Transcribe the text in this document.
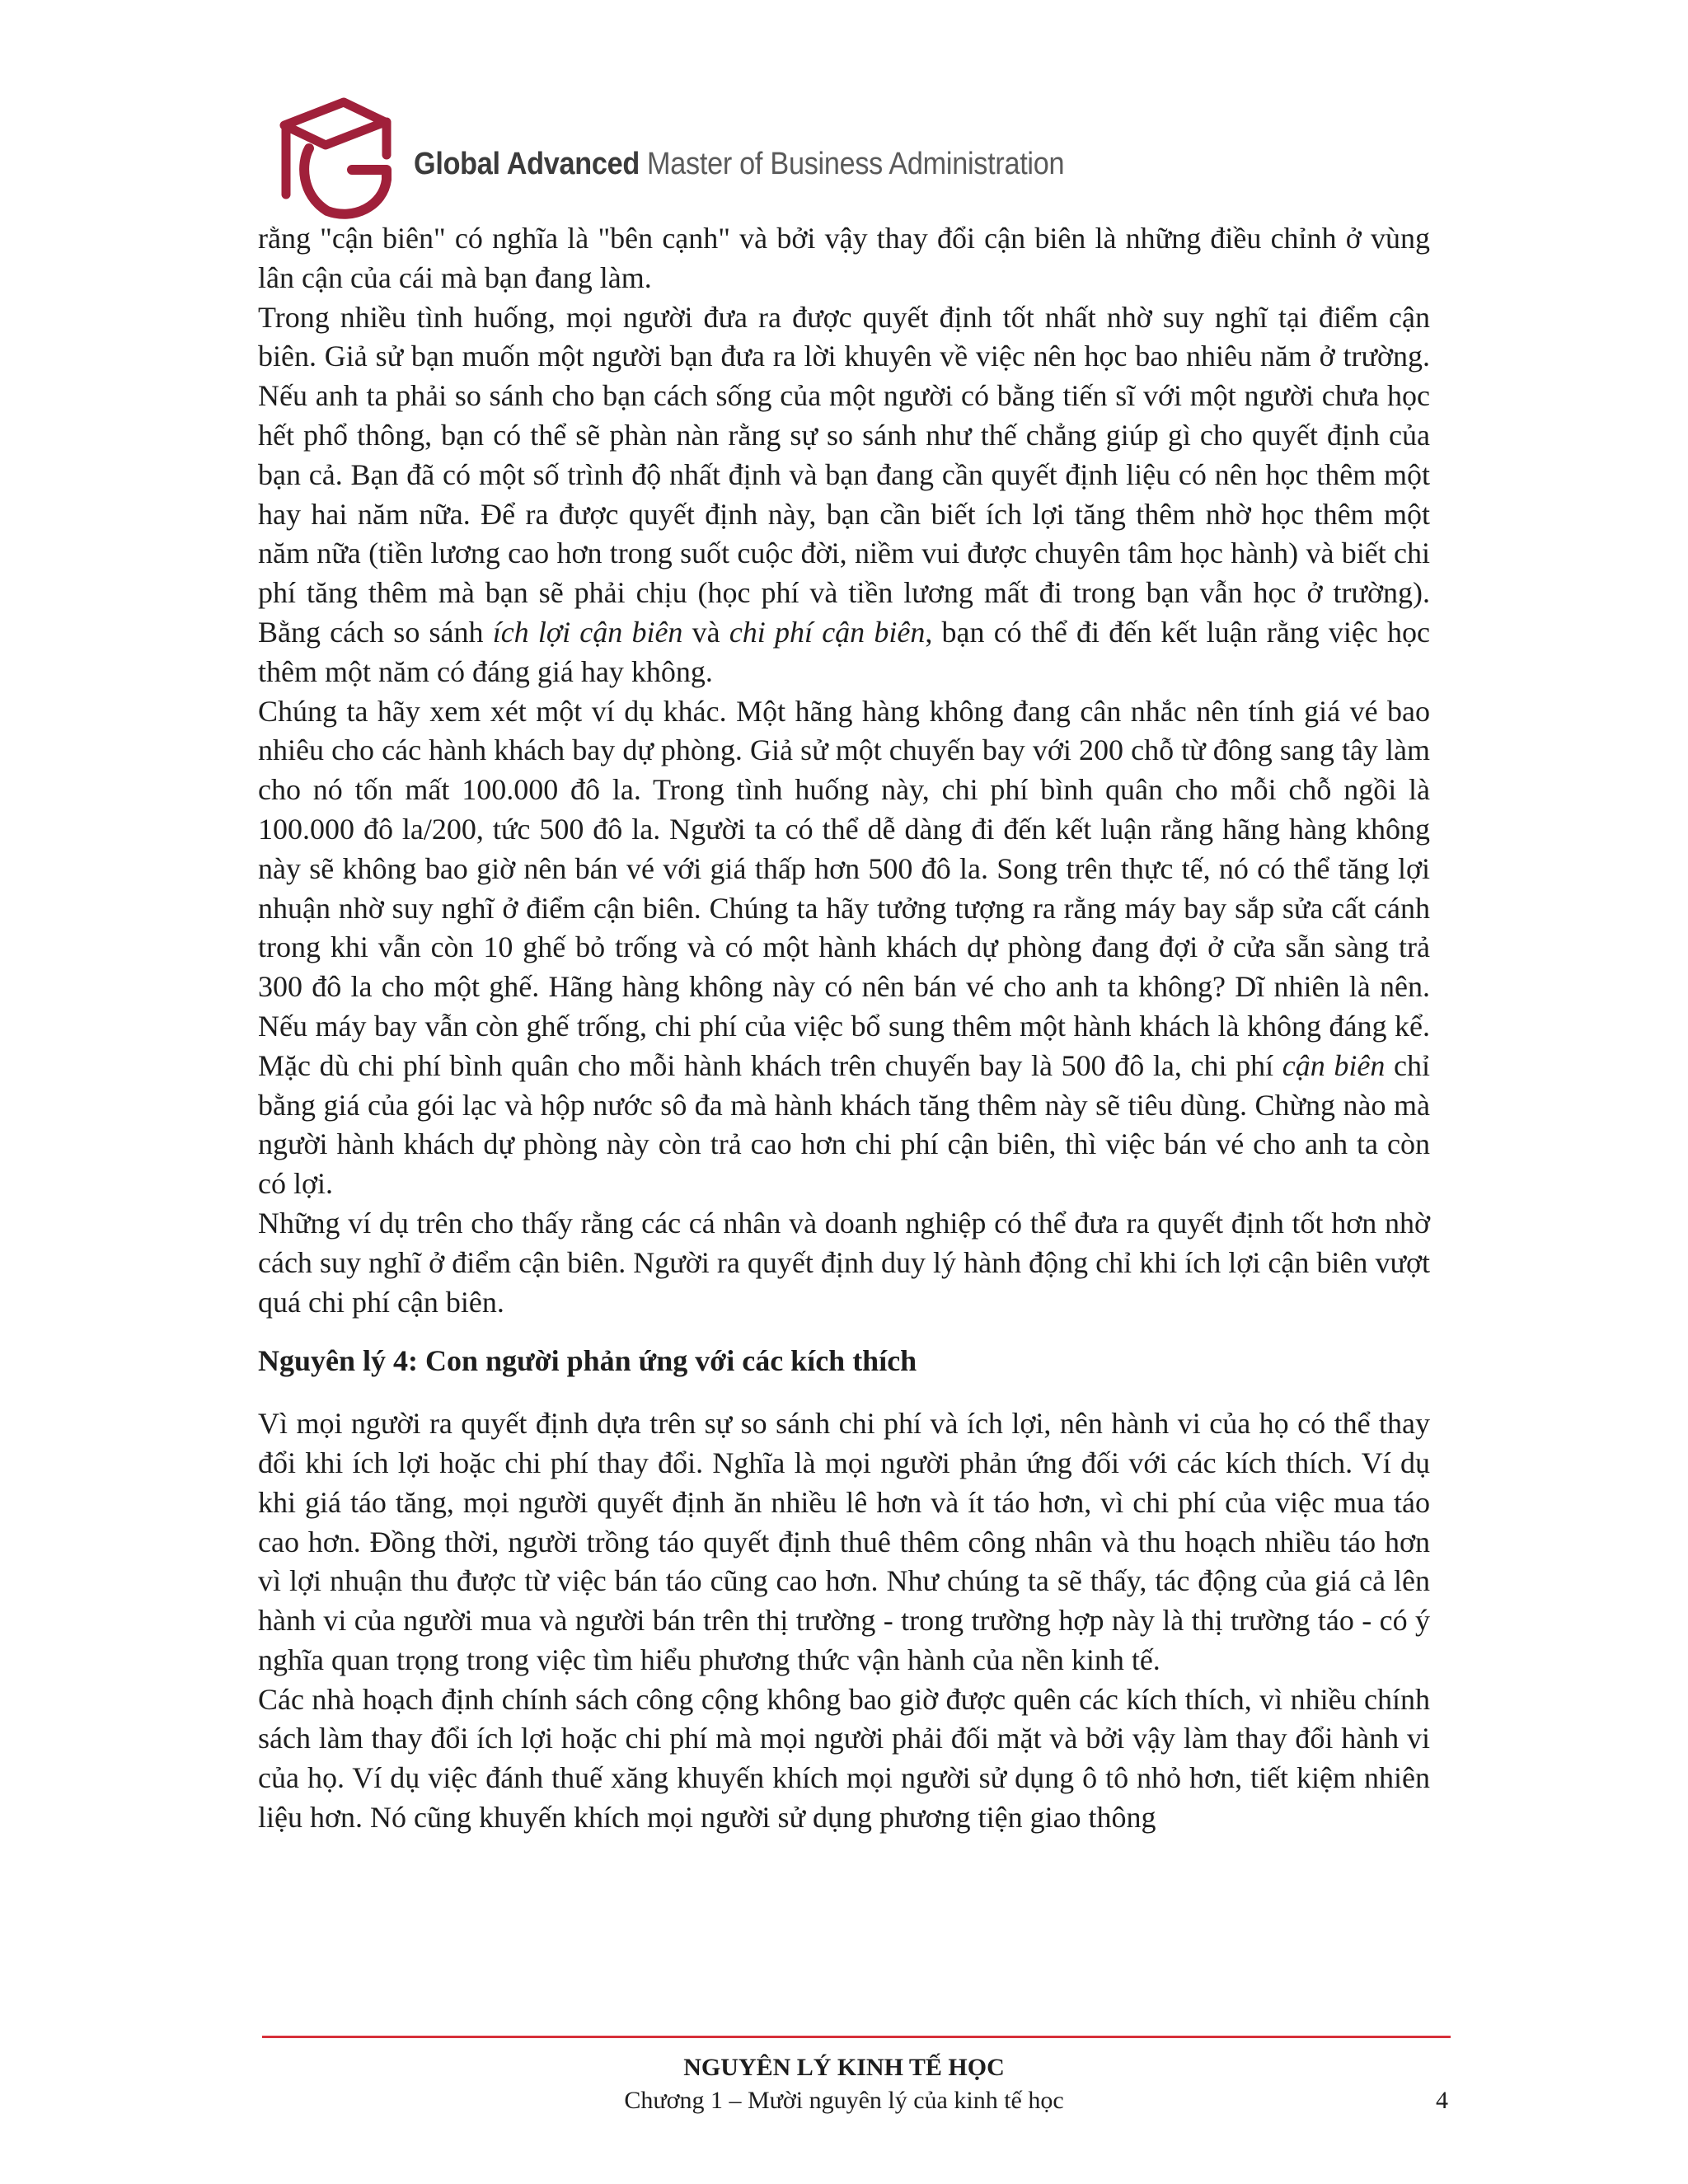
Global Advanced Master of Business Administration

rằng "cận biên" có nghĩa là "bên cạnh" và bởi vậy thay đổi cận biên là những điều chỉnh ở vùng lân cận của cái mà bạn đang làm.

Trong nhiều tình huống, mọi người đưa ra được quyết định tốt nhất nhờ suy nghĩ tại điểm cận biên. Giả sử bạn muốn một người bạn đưa ra lời khuyên về việc nên học bao nhiêu năm ở trường. Nếu anh ta phải so sánh cho bạn cách sống của một người có bằng tiến sĩ với một người chưa học hết phổ thông, bạn có thể sẽ phàn nàn rằng sự so sánh như thế chẳng giúp gì cho quyết định của bạn cả. Bạn đã có một số trình độ nhất định và bạn đang cần quyết định liệu có nên học thêm một hay hai năm nữa. Để ra được quyết định này, bạn cần biết ích lợi tăng thêm nhờ học thêm một năm nữa (tiền lương cao hơn trong suốt cuộc đời, niềm vui được chuyên tâm học hành) và biết chi phí tăng thêm mà bạn sẽ phải chịu (học phí và tiền lương mất đi trong bạn vẫn học ở trường). Bằng cách so sánh ích lợi cận biên và chi phí cận biên, bạn có thể đi đến kết luận rằng việc học thêm một năm có đáng giá hay không.

Chúng ta hãy xem xét một ví dụ khác. Một hãng hàng không đang cân nhắc nên tính giá vé bao nhiêu cho các hành khách bay dự phòng. Giả sử một chuyến bay với 200 chỗ từ đông sang tây làm cho nó tốn mất 100.000 đô la. Trong tình huống này, chi phí bình quân cho mỗi chỗ ngồi là 100.000 đô la/200, tức 500 đô la. Người ta có thể dễ dàng đi đến kết luận rằng hãng hàng không này sẽ không bao giờ nên bán vé với giá thấp hơn 500 đô la. Song trên thực tế, nó có thể tăng lợi nhuận nhờ suy nghĩ ở điểm cận biên. Chúng ta hãy tưởng tượng ra rằng máy bay sắp sửa cất cánh trong khi vẫn còn 10 ghế bỏ trống và có một hành khách dự phòng đang đợi ở cửa sẵn sàng trả 300 đô la cho một ghế. Hãng hàng không này có nên bán vé cho anh ta không? Dĩ nhiên là nên. Nếu máy bay vẫn còn ghế trống, chi phí của việc bổ sung thêm một hành khách là không đáng kể. Mặc dù chi phí bình quân cho mỗi hành khách trên chuyến bay là 500 đô la, chi phí cận biên chỉ bằng giá của gói lạc và hộp nước sô đa mà hành khách tăng thêm này sẽ tiêu dùng. Chừng nào mà người hành khách dự phòng này còn trả cao hơn chi phí cận biên, thì việc bán vé cho anh ta còn có lợi.

Những ví dụ trên cho thấy rằng các cá nhân và doanh nghiệp có thể đưa ra quyết định tốt hơn nhờ cách suy nghĩ ở điểm cận biên. Người ra quyết định duy lý hành động chỉ khi ích lợi cận biên vượt quá chi phí cận biên.

Nguyên lý 4: Con người phản ứng với các kích thích

Vì mọi người ra quyết định dựa trên sự so sánh chi phí và ích lợi, nên hành vi của họ có thể thay đổi khi ích lợi hoặc chi phí thay đổi. Nghĩa là mọi người phản ứng đối với các kích thích. Ví dụ khi giá táo tăng, mọi người quyết định ăn nhiều lê hơn và ít táo hơn, vì chi phí của việc mua táo cao hơn. Đồng thời, người trồng táo quyết định thuê thêm công nhân và thu hoạch nhiều táo hơn vì lợi nhuận thu được từ việc bán táo cũng cao hơn. Như chúng ta sẽ thấy, tác động của giá cả lên hành vi của người mua và người bán trên thị trường - trong trường hợp này là thị trường táo - có ý nghĩa quan trọng trong việc tìm hiểu phương thức vận hành của nền kinh tế.

Các nhà hoạch định chính sách công cộng không bao giờ được quên các kích thích, vì nhiều chính sách làm thay đổi ích lợi hoặc chi phí mà mọi người phải đối mặt và bởi vậy làm thay đổi hành vi của họ. Ví dụ việc đánh thuế xăng khuyến khích mọi người sử dụng ô tô nhỏ hơn, tiết kiệm nhiên liệu hơn. Nó cũng khuyến khích mọi người sử dụng phương tiện giao thông

NGUYÊN LÝ KINH TẾ HỌC
Chương 1 – Mười nguyên lý của kinh tế học	4
